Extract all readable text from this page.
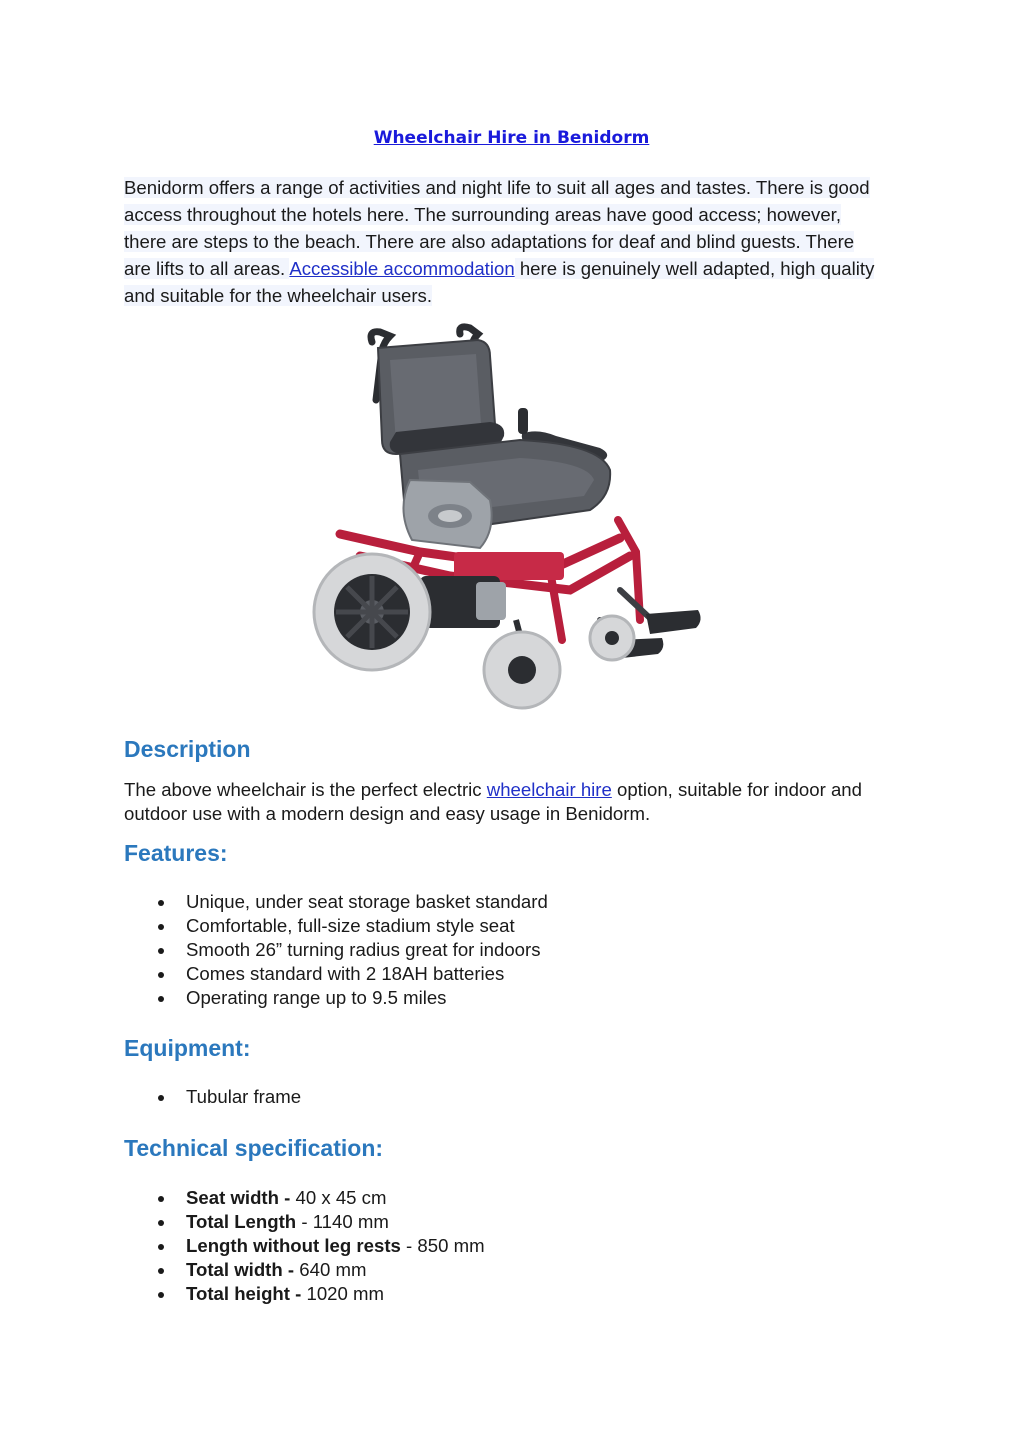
Wheelchair Hire in Benidorm

Benidorm offers a range of activities and night life to suit all ages and tastes. There is good access throughout the hotels here. The surrounding areas have good access; however, there are steps to the beach. There are also adaptations for deaf and blind guests. There are lifts to all areas. Accessible accommodation here is genuinely well adapted, high quality and suitable for the wheelchair users.

Description

The above wheelchair is the perfect electric wheelchair hire option, suitable for indoor and outdoor use with a modern design and easy usage in Benidorm.

Features:
Unique, under seat storage basket standard
Comfortable, full-size stadium style seat
Smooth 26” turning radius great for indoors
Comes standard with 2 18AH batteries
Operating range up to 9.5 miles
Equipment:
Tubular frame
Technical specification:
Seat width - 40 x 45 cm
Total Length - 1140 mm
Length without leg rests - 850 mm
Total width - 640 mm
Total height - 1020 mm
